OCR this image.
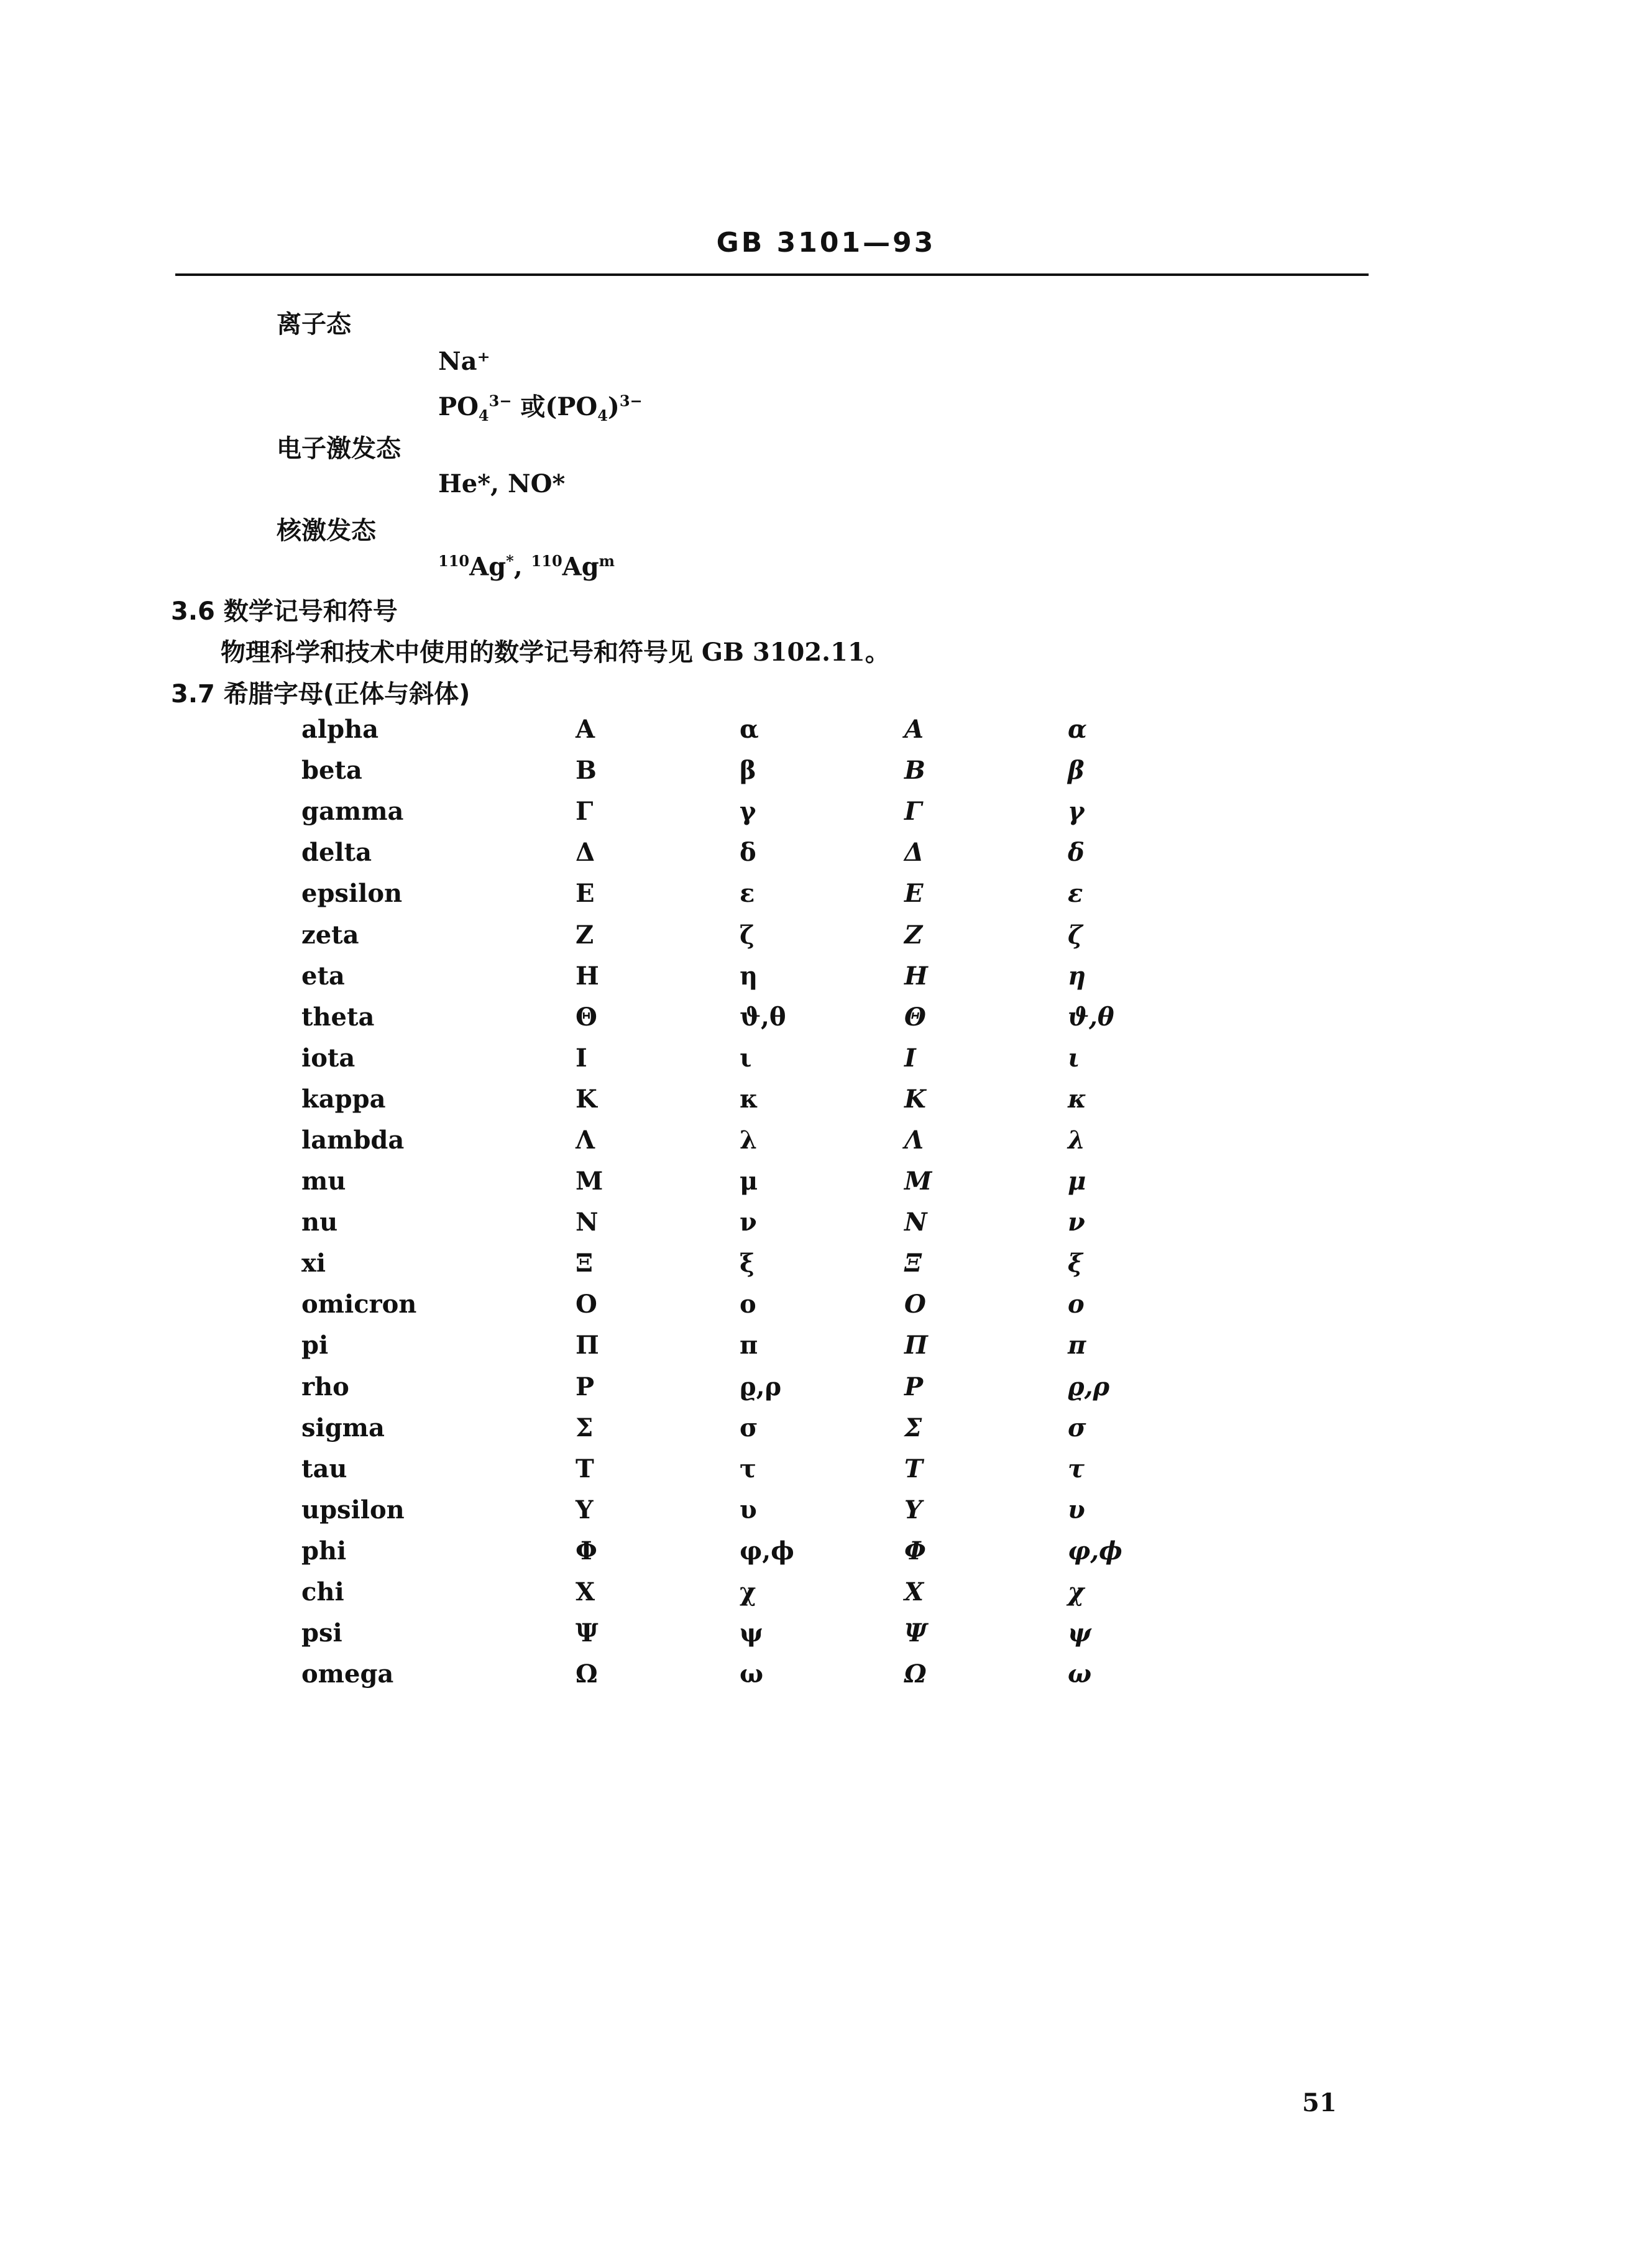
GB 3101—93
离子态
Na⁺
$PO_4^{3-}$ 或$(PO_4)^{3-}$
电子激发态
He*, NO*
核激发态
$^{110}$Ag*, $^{110}$Ag$^m$
3.6 数学记号和符号
物理科学和技术中使用的数学记号和符号见 GB 3102.11。
3.7 希腊字母(正体与斜体)
alpha	Α	α	Α	α
beta	Β	β	Β	β
gamma	Γ	γ	Γ	γ
delta	Δ	δ	Δ	δ
epsilon	Ε	ε	Ε	ε
zeta	Ζ	ζ	Ζ	ζ
eta	Η	η	Η	η
theta	Θ	ϑ,θ	Θ	ϑ,θ
iota	Ι	ι	Ι	ι
kappa	Κ	κ	Κ	κ
lambda	Λ	λ	Λ	λ
mu	Μ	μ	Μ	μ
nu	Ν	ν	Ν	ν
xi	Ξ	ξ	Ξ	ξ
omicron	Ο	ο	Ο	ο
pi	Π	π	Π	π
rho	Ρ	ϱ,ρ	Ρ	ϱ,ρ
sigma	Σ	σ	Σ	σ
tau	Τ	τ	Τ	τ
upsilon	Υ	υ	Υ	υ
phi	Φ	φ,ϕ	Φ	φ,ϕ
chi	Χ	χ	Χ	χ
psi	Ψ	ψ	Ψ	ψ
omega	Ω	ω	Ω	ω
51
